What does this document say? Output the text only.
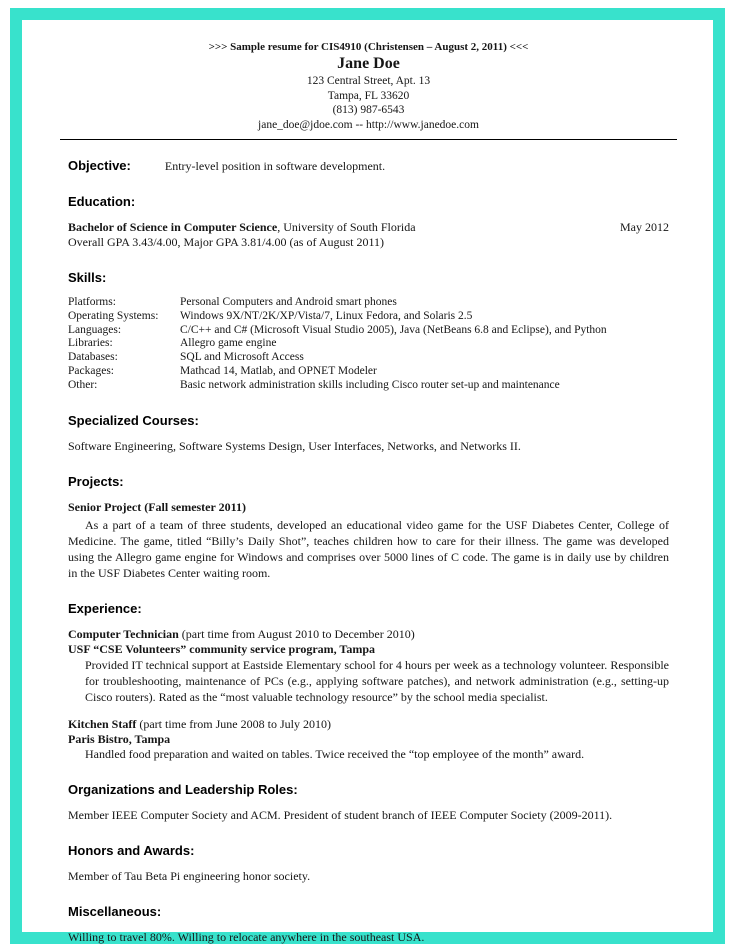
>>> Sample resume for CIS4910 (Christensen – August 2, 2011) <<<
Jane Doe
123 Central Street, Apt. 13
Tampa, FL 33620
(813) 987-6543
jane_doe@jdoe.com -- http://www.janedoe.com
Objective:	Entry-level position in software development.
Education:
Bachelor of Science in Computer Science, University of South Florida	May 2012
Overall GPA 3.43/4.00, Major GPA 3.81/4.00 (as of August 2011)
Skills:
Platforms:	Personal Computers and Android smart phones
Operating Systems:	Windows 9X/NT/2K/XP/Vista/7, Linux Fedora, and Solaris 2.5
Languages:	C/C++ and C# (Microsoft Visual Studio 2005), Java (NetBeans 6.8 and Eclipse), and Python
Libraries:	Allegro game engine
Databases:	SQL and Microsoft Access
Packages:	Mathcad 14, Matlab, and OPNET Modeler
Other:	Basic network administration skills including Cisco router set-up and maintenance
Specialized Courses:
Software Engineering, Software Systems Design, User Interfaces, Networks, and Networks II.
Projects:
Senior Project (Fall semester 2011)
As a part of a team of three students, developed an educational video game for the USF Diabetes Center, College of Medicine. The game, titled “Billy’s Daily Shot”, teaches children how to care for their illness. The game was developed using the Allegro game engine for Windows and comprises over 5000 lines of C code. The game is in daily use by children in the USF Diabetes Center waiting room.
Experience:
Computer Technician (part time from August 2010 to December 2010)
USF “CSE Volunteers” community service program, Tampa
Provided IT technical support at Eastside Elementary school for 4 hours per week as a technology volunteer. Responsible for troubleshooting, maintenance of PCs (e.g., applying software patches), and network administration (e.g., setting-up Cisco routers). Rated as the “most valuable technology resource” by the school media specialist.
Kitchen Staff (part time from June 2008 to July 2010)
Paris Bistro, Tampa
Handled food preparation and waited on tables. Twice received the “top employee of the month” award.
Organizations and Leadership Roles:
Member IEEE Computer Society and ACM. President of student branch of IEEE Computer Society (2009-2011).
Honors and Awards:
Member of Tau Beta Pi engineering honor society.
Miscellaneous:
Willing to travel 80%. Willing to relocate anywhere in the southeast USA.
